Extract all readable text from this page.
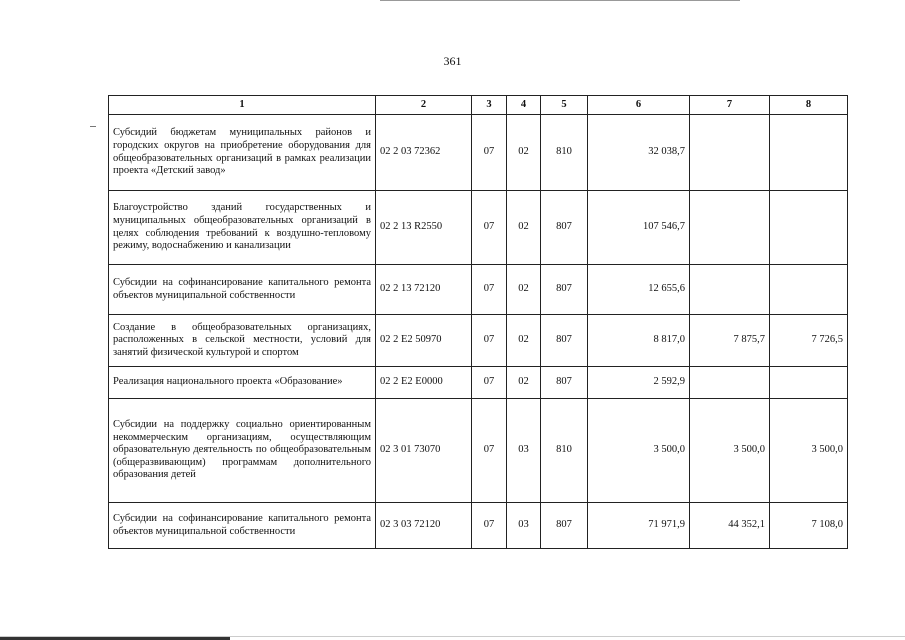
361
1	2	3	4	5	6	7	8
Субсидий бюджетам муниципальных районов и городских округов на приобретение оборудования для общеобразовательных организаций в рамках реализации проекта «Детский завод»	02 2 03 72362	07	02	810	32 038,7		
Благоустройство зданий государственных и муниципальных общеобразовательных организаций в целях соблюдения требований к воздушно-тепловому режиму, водоснабжению и канализации	02 2 13 R2550	07	02	807	107 546,7		
Субсидии на софинансирование капитального ремонта объектов муниципальной собственности	02 2 13 72120	07	02	807	12 655,6		
Создание в общеобразовательных организациях, расположенных в сельской местности, условий для занятий физической культурой и спортом	02 2 E2 50970	07	02	807	8 817,0	7 875,7	7 726,5
Реализация национального проекта «Образование»	02 2 E2 E0000	07	02	807	2 592,9		
Субсидии на поддержку социально ориентированным некоммерческим организациям, осуществляющим образовательную деятельность по общеобразовательным (общеразвивающим) программам дополнительного образования детей	02 3 01 73070	07	03	810	3 500,0	3 500,0	3 500,0
Субсидии на софинансирование капитального ремонта объектов муниципальной собственности	02 3 03 72120	07	03	807	71 971,9	44 352,1	7 108,0
